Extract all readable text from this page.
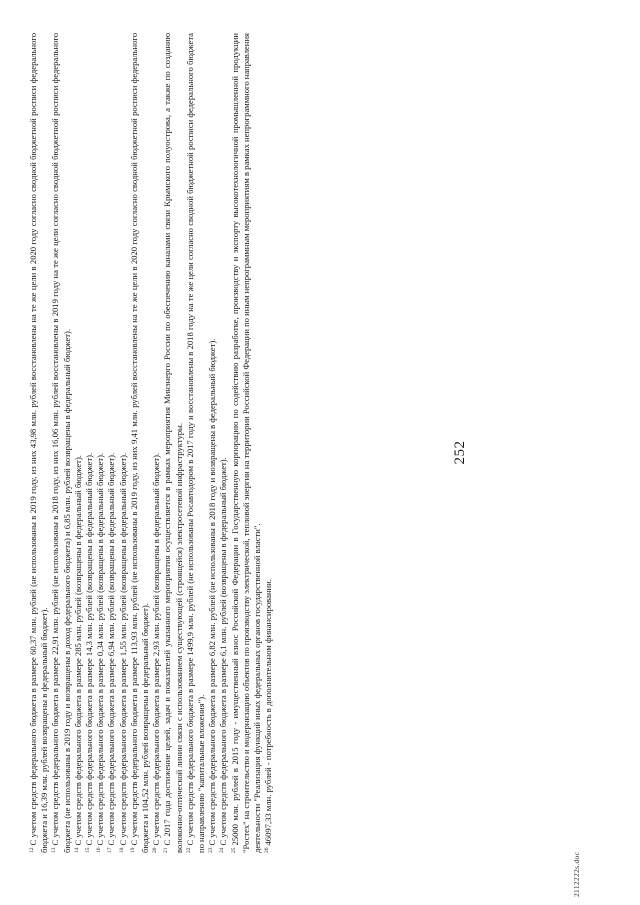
252

$^{12}$С учетом средств федерального бюджета в размере 60,37 млн. рублей (не использованы в 2019 году, из них 43,98 млн. рублей восстановлены на те же цели в 2020 году согласно сводной бюджетной росписи федерального бюджета и 16,39 млн. рублей возвращены в федеральный бюджет). $^{13}$С учетом средств федерального бюджета в размере 22,91 млн. рублей (не использованы в 2018 году, из них 16,06 млн. рублей восстановлены в 2019 году на те же цели согласно сводной бюджетной росписи федерального бюджета (не использованы в 2019 году и возвращены в доход федерального бюджета) и 6,85 млн. рублей возвращены в федеральный бюджет). $^{14}$С учетом средств федерального бюджета в размере 285 млн. рублей (возвращены в федеральный бюджет).

$^{15}$С учетом средств федерального бюджета в размере 14,3 млн. рублей (возвращены в федеральный бюджет).

$^{16}$С учетом средств федерального бюджета в размере 0,34 млн. рублей (возвращены в федеральный бюджет).

$^{17}$С учетом средств федерального бюджета в размере 6,94 млн. рублей (возвращены в федеральный бюджет).

$^{18}$С учетом средств федерального бюджета в размере 1,55 млн. рублей (возвращены в федеральный бюджет).

$^{19}$С учетом средств федерального бюджета в размере 113,93 млн. рублей (не использованы в 2019 году, из них 9,41 млн. рублей восстановлены на те же цели в 2020 году согласно сводной бюджетной росписи федерального бюджета и 104,52 млн. рублей возвращены в федеральный бюджет). $^{20}$С учетом средств федерального бюджета в размере 2,93 млн. рублей (возвращены в федеральный бюджет).

$^{21}$С 2017 года достижение целей, задач и показателей указанного мероприятия осуществляется в рамках мероприятия Минэнерго России по обеспечению каналами связи Крымского полуострова, а также по созданию волоконно-оптической линии связи с использованием существующей (строящейся) электросетевой инфраструктуры. $^{22}$С учетом средств федерального бюджета в размере 1499,9 млн. рублей (не использованы Росавтодором в 2017 году и восстановлены в 2018 году на те же цели согласно сводной бюджетной росписи федерального бюджета по направлению "капитальные вложения"). $^{23}$С учетом средств федерального бюджета в размере 6,82 млн. рублей (не использованы в 2018 году и возвращены в федеральный бюджет).

$^{24}$С учетом средств федерального бюджета в размере 6,1 млн. рублей (возвращены в федеральный бюджет).

$^{25}$25000 млн. рублей в 2015 году - имущественный взнос Российской Федерации в Государственную корпорацию по содействию разработке, производству и экспорту высокотехнологичной промышленной продукции "Ростех" на строительство и модернизацию объектов по производству электрической, тепловой энергии на территории Российской Федерации по иным непрограммным мероприятиям в рамках непрограммного направления деятельности "Реализация функций иных федеральных органов государственной власти". $^{26}$46097,33 млн. рублей - потребность в дополнительном финансировании.

2112222s.doc
